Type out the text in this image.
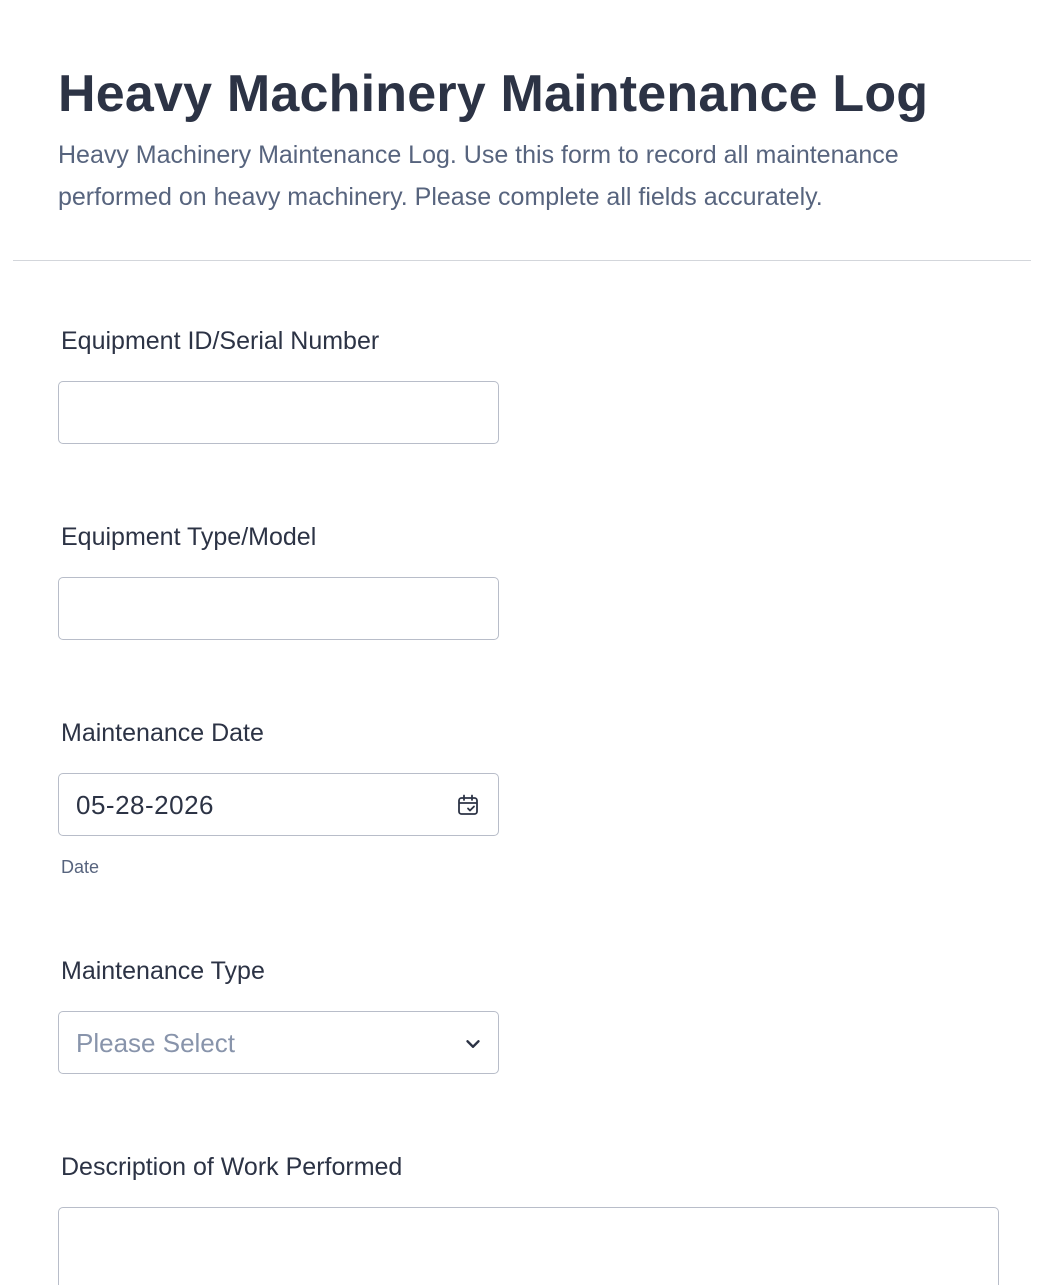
Heavy Machinery Maintenance Log

Heavy Machinery Maintenance Log. Use this form to record all maintenance performed on heavy machinery. Please complete all fields accurately.

Equipment ID/Serial Number
Equipment Type/Model
Maintenance Date
05-28-2026
Date
Maintenance Type
Please Select
Description of Work Performed
